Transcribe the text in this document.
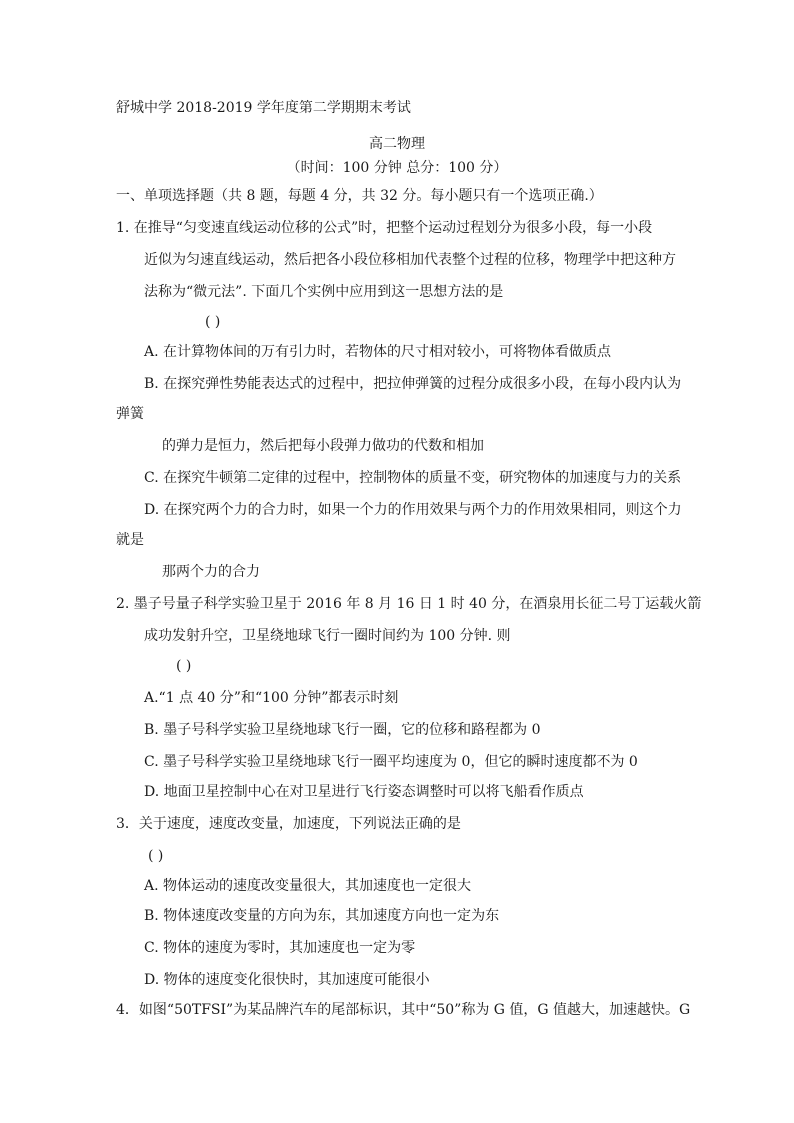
舒城中学 2018-2019 学年度第二学期期末考试
高二物理
（时间：100 分钟 总分：100 分）
一、单项选择题（共 8 题，每题 4 分，共 32 分。每小题只有一个选项正确.）
1. 在推导“匀变速直线运动位移的公式”时，把整个运动过程划分为很多小段，每一小段
近似为匀速直线运动，然后把各小段位移相加代表整个过程的位移，物理学中把这种方
法称为“微元法”. 下面几个实例中应用到这一思想方法的是
( )
A. 在计算物体间的万有引力时，若物体的尺寸相对较小，可将物体看做质点
B. 在探究弹性势能表达式的过程中，把拉伸弹簧的过程分成很多小段，在每小段内认为
弹簧
的弹力是恒力，然后把每小段弹力做功的代数和相加
C. 在探究牛顿第二定律的过程中，控制物体的质量不变，研究物体的加速度与力的关系
D. 在探究两个力的合力时，如果一个力的作用效果与两个力的作用效果相同，则这个力
就是
那两个力的合力
2. 墨子号量子科学实验卫星于 2016 年 8 月 16 日 1 时 40 分，在酒泉用长征二号丁运载火箭
成功发射升空，卫星绕地球飞行一圈时间约为 100 分钟. 则
( )
A.“1 点 40 分”和“100 分钟”都表示时刻
B. 墨子号科学实验卫星绕地球飞行一圈，它的位移和路程都为 0
C. 墨子号科学实验卫星绕地球飞行一圈平均速度为 0，但它的瞬时速度都不为 0
D. 地面卫星控制中心在对卫星进行飞行姿态调整时可以将飞船看作质点
3．关于速度，速度改变量，加速度，下列说法正确的是
( )
A. 物体运动的速度改变量很大，其加速度也一定很大
B. 物体速度改变量的方向为东，其加速度方向也一定为东
C. 物体的速度为零时，其加速度也一定为零
D. 物体的速度变化很快时，其加速度可能很小
4．如图“50TFSI”为某品牌汽车的尾部标识，其中“50”称为 G 值，G 值越大，加速越快。G
